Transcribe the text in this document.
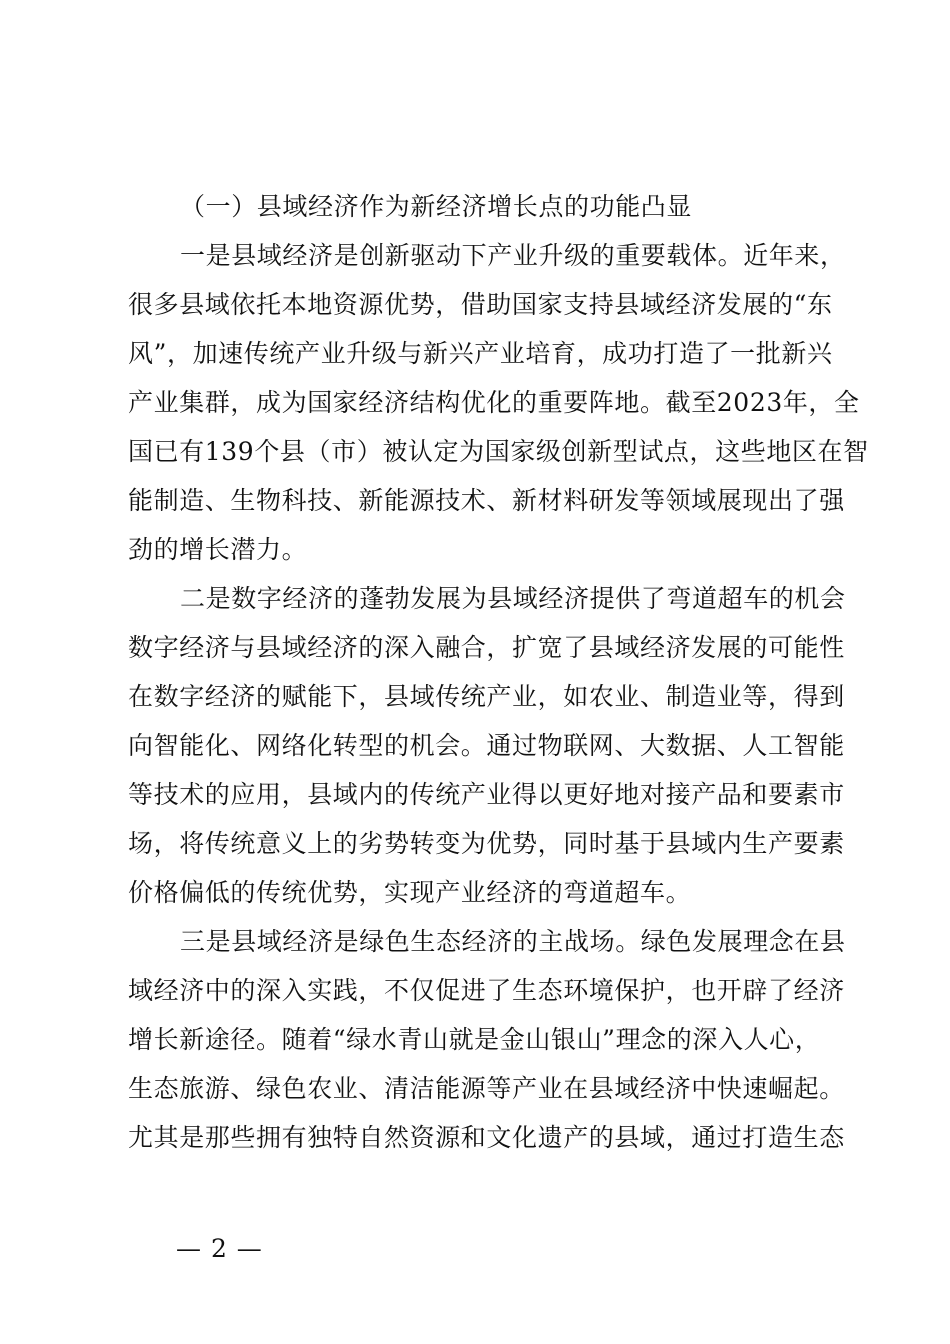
（一）县域经济作为新经济增长点的功能凸显
一是县域经济是创新驱动下产业升级的重要载体。近年来，
很多县域依托本地资源优势，借助国家支持县域经济发展的“东
风”，加速传统产业升级与新兴产业培育，成功打造了一批新兴
产业集群，成为国家经济结构优化的重要阵地。截至2023年，全
国已有139个县（市）被认定为国家级创新型试点，这些地区在智
能制造、生物科技、新能源技术、新材料研发等领域展现出了强
劲的增长潜力。
二是数字经济的蓬勃发展为县域经济提供了弯道超车的机会
数字经济与县域经济的深入融合，扩宽了县域经济发展的可能性
在数字经济的赋能下，县域传统产业，如农业、制造业等，得到
向智能化、网络化转型的机会。通过物联网、大数据、人工智能
等技术的应用，县域内的传统产业得以更好地对接产品和要素市
场，将传统意义上的劣势转变为优势，同时基于县域内生产要素
价格偏低的传统优势，实现产业经济的弯道超车。
三是县域经济是绿色生态经济的主战场。绿色发展理念在县
域经济中的深入实践，不仅促进了生态环境保护，也开辟了经济
增长新途径。随着“绿水青山就是金山银山”理念的深入人心，
生态旅游、绿色农业、清洁能源等产业在县域经济中快速崛起。
尤其是那些拥有独特自然资源和文化遗产的县域，通过打造生态
— 2 —
